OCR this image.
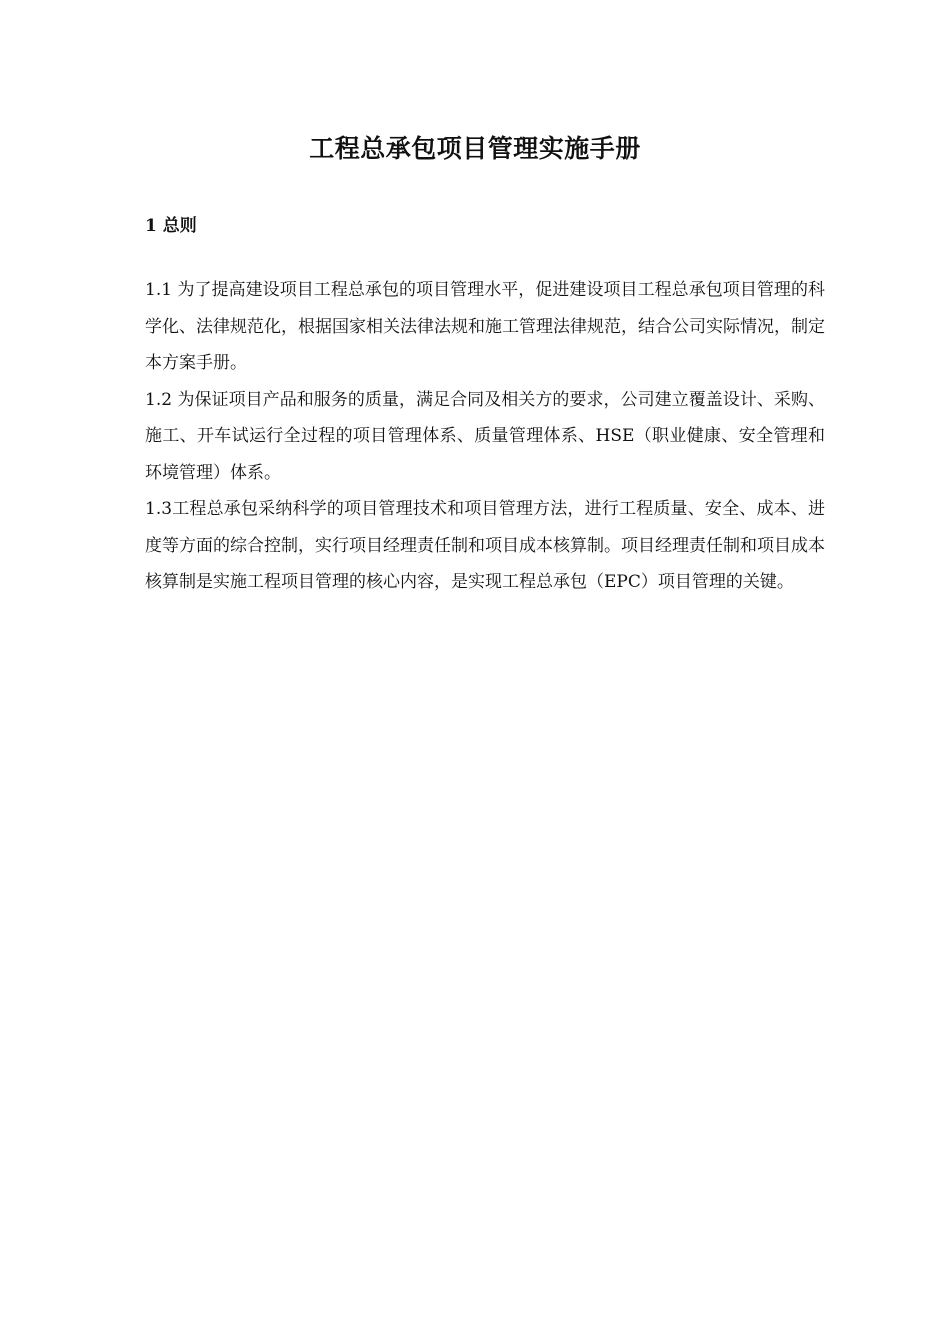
工程总承包项目管理实施手册
1 总则

1.1 为了提高建设项目工程总承包的项目管理水平，促进建设项目工程总承包项目管理的科学化、法律规范化，根据国家相关法律法规和施工管理法律规范，结合公司实际情况，制定本方案手册。

1.2 为保证项目产品和服务的质量，满足合同及相关方的要求，公司建立覆盖设计、采购、施工、开车试运行全过程的项目管理体系、质量管理体系、HSE（职业健康、安全管理和环境管理）体系。

1.3工程总承包采纳科学的项目管理技术和项目管理方法，进行工程质量、安全、成本、进度等方面的综合控制，实行项目经理责任制和项目成本核算制。项目经理责任制和项目成本核算制是实施工程项目管理的核心内容，是实现工程总承包（EPC）项目管理的关键。
